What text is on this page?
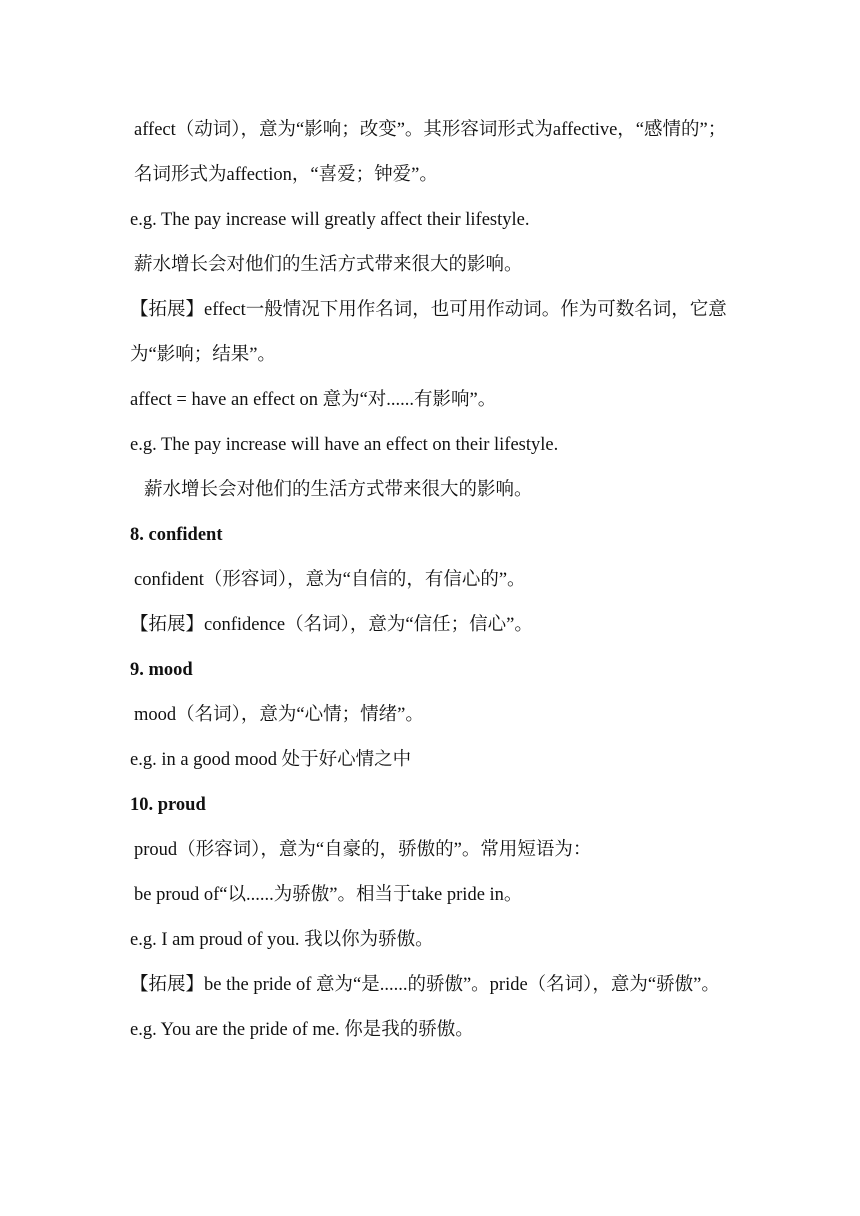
affect（动词），意为“影响；改变”。其形容词形式为affective，“感情的”；名词形式为affection，“喜爱；钟爱”。

e.g. The pay increase will greatly affect their lifestyle.

薪水增长会对他们的生活方式带来很大的影响。

【拓展】effect一般情况下用作名词，也可用作动词。作为可数名词，它意为“影响；结果”。

affect = have an effect on 意为“对......有影响”。

e.g. The pay increase will have an effect on their lifestyle.

薪水增长会对他们的生活方式带来很大的影响。

8. confident

confident（形容词），意为“自信的，有信心的”。

【拓展】confidence（名词），意为“信任；信心”。

9. mood

mood（名词），意为“心情；情绪”。

e.g. in a good mood 处于好心情之中

10. proud

proud（形容词），意为“自豪的，骄傲的”。常用短语为：

be proud of“以......为骄傲”。相当于take pride in。

e.g. I am proud of you. 我以你为骄傲。

【拓展】be the pride of 意为“是......的骄傲”。pride（名词），意为“骄傲”。

e.g. You are the pride of me. 你是我的骄傲。
